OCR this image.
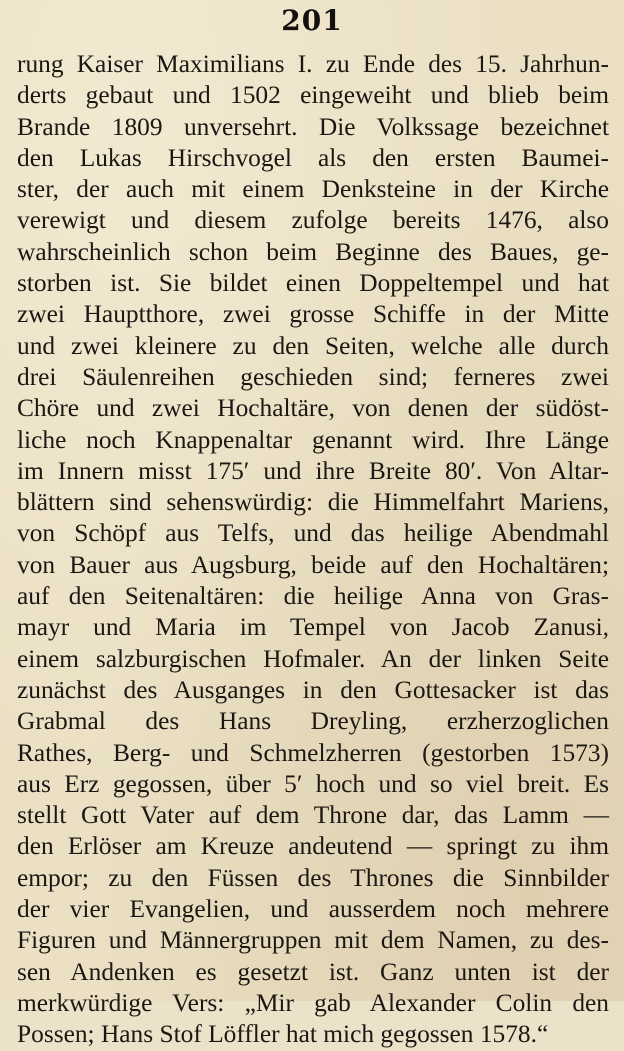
201
rung Kaiser Maximilians I. zu Ende des 15. Jahrhun-
derts gebaut und 1502 eingeweiht und blieb beim
Brande 1809 unversehrt. Die Volkssage bezeichnet
den Lukas Hirschvogel als den ersten Baumei-
ster, der auch mit einem Denksteine in der Kirche
verewigt und diesem zufolge bereits 1476, also
wahrscheinlich schon beim Beginne des Baues, ge-
storben ist. Sie bildet einen Doppeltempel und hat
zwei Hauptthore, zwei grosse Schiffe in der Mitte
und zwei kleinere zu den Seiten, welche alle durch
drei Säulenreihen geschieden sind; ferneres zwei
Chöre und zwei Hochaltäre, von denen der südöst-
liche noch Knappenaltar genannt wird. Ihre Länge
im Innern misst 175′ und ihre Breite 80′. Von Altar-
blättern sind sehenswürdig: die Himmelfahrt Mariens,
von Schöpf aus Telfs, und das heilige Abendmahl
von Bauer aus Augsburg, beide auf den Hochaltären;
auf den Seitenaltären: die heilige Anna von Gras-
mayr und Maria im Tempel von Jacob Zanusi,
einem salzburgischen Hofmaler. An der linken Seite
zunächst des Ausganges in den Gottesacker ist das
Grabmal des Hans Dreyling, erzherzoglichen
Rathes, Berg- und Schmelzherren (gestorben 1573)
aus Erz gegossen, über 5′ hoch und so viel breit. Es
stellt Gott Vater auf dem Throne dar, das Lamm —
den Erlöser am Kreuze andeutend — springt zu ihm
empor; zu den Füssen des Thrones die Sinnbilder
der vier Evangelien, und ausserdem noch mehrere
Figuren und Männergruppen mit dem Namen, zu des-
sen Andenken es gesetzt ist. Ganz unten ist der
merkwürdige Vers: „Mir gab Alexander Colin den
Possen; Hans Stof Löffler hat mich gegossen 1578.“
